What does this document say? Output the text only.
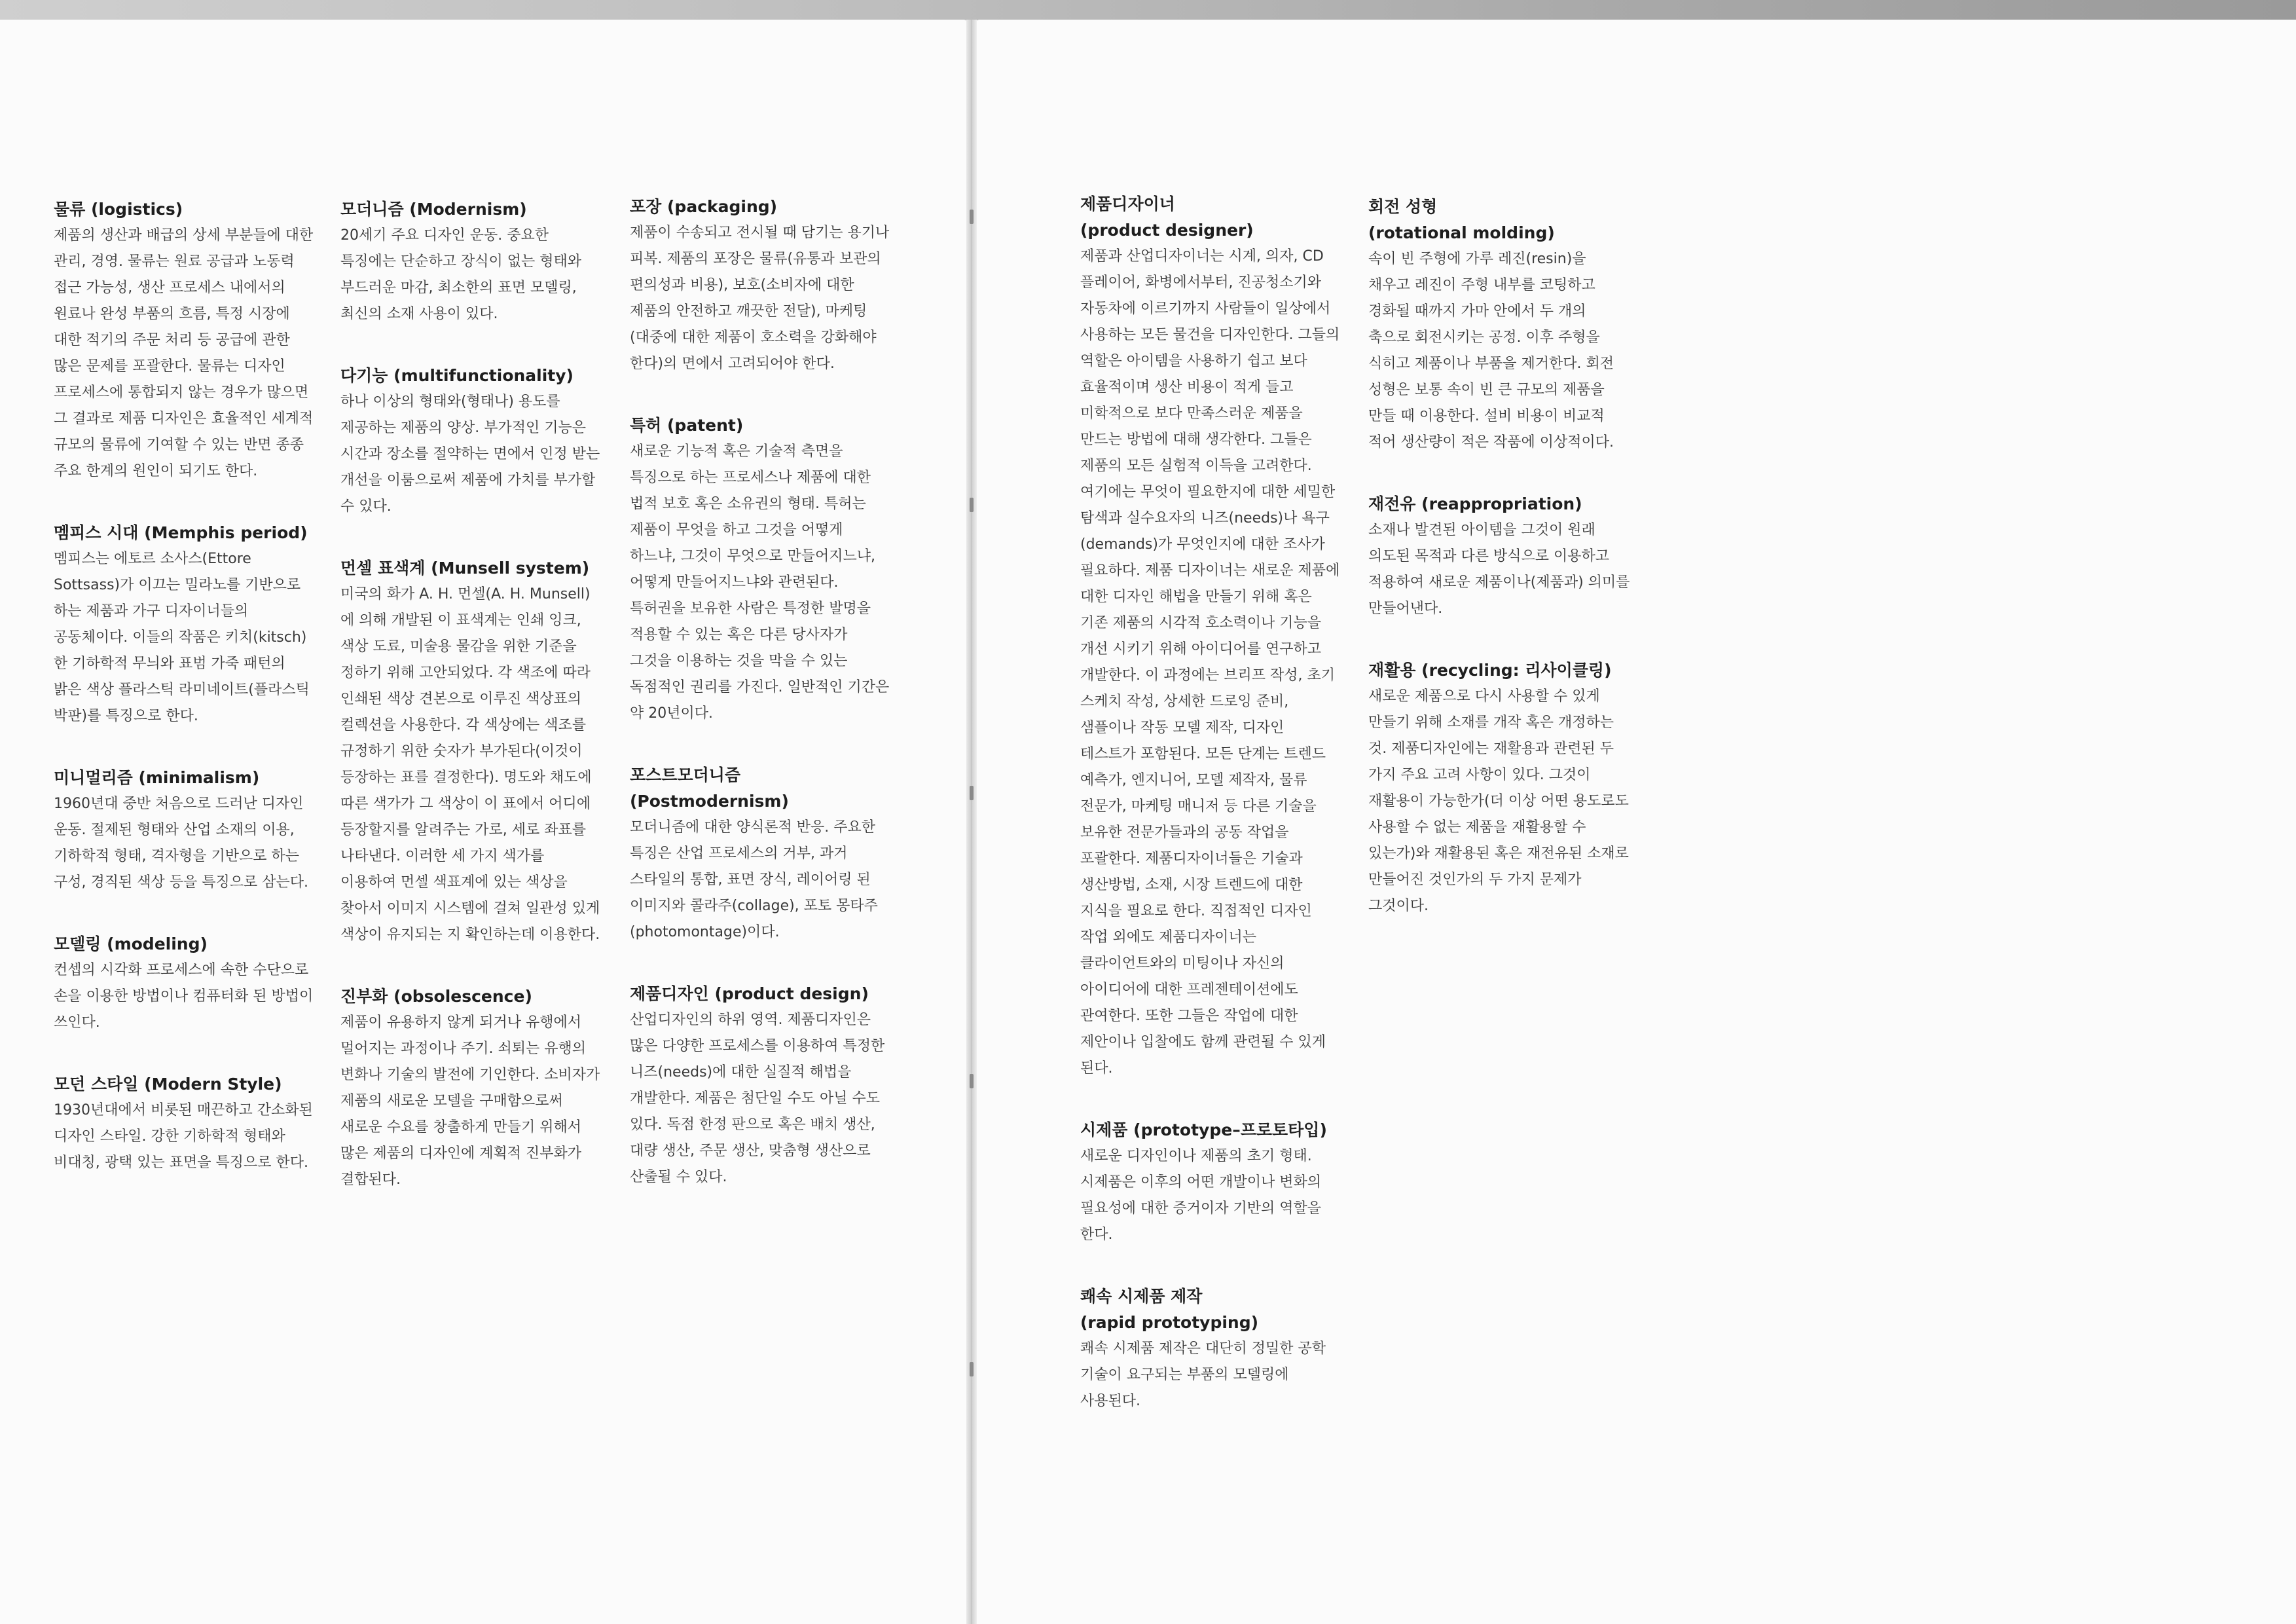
물류 (logistics)

제품의 생산과 배급의 상세 부분들에 대한 관리, 경영. 물류는 원료 공급과 노동력 접근 가능성, 생산 프로세스 내에서의 원료나 완성 부품의 흐름, 특정 시장에 대한 적기의 주문 처리 등 공급에 관한 많은 문제를 포괄한다. 물류는 디자인 프로세스에 통합되지 않는 경우가 많으면 그 결과로 제품 디자인은 효율적인 세계적 규모의 물류에 기여할 수 있는 반면 종종 주요 한계의 원인이 되기도 한다.

멤피스 시대 (Memphis period)

멤피스는 에토르 소사스(Ettore Sottsass)가 이끄는 밀라노를 기반으로 하는 제품과 가구 디자이너들의 공동체이다. 이들의 작품은 키치(kitsch)한 기하학적 무늬와 표범 가죽 패턴의 밝은 색상 플라스틱 라미네이트(플라스틱 박판)를 특징으로 한다.

미니멀리즘 (minimalism)

1960년대 중반 처음으로 드러난 디자인 운동. 절제된 형태와 산업 소재의 이용, 기하학적 형태, 격자형을 기반으로 하는 구성, 경직된 색상 등을 특징으로 삼는다.

모델링 (modeling)

컨셉의 시각화 프로세스에 속한 수단으로 손을 이용한 방법이나 컴퓨터화 된 방법이 쓰인다.

모던 스타일 (Modern Style)

1930년대에서 비롯된 매끈하고 간소화된 디자인 스타일. 강한 기하학적 형태와 비대칭, 광택 있는 표면을 특징으로 한다.

모더니즘 (Modernism)

20세기 주요 디자인 운동. 중요한 특징에는 단순하고 장식이 없는 형태와 부드러운 마감, 최소한의 표면 모델링, 최신의 소재 사용이 있다.

다기능 (multifunctionality)

하나 이상의 형태와(형태나) 용도를 제공하는 제품의 양상. 부가적인 기능은 시간과 장소를 절약하는 면에서 인정 받는 개선을 이룸으로써 제품에 가치를 부가할 수 있다.

먼셀 표색계 (Munsell system)

미국의 화가 A. H. 먼셀(A. H. Munsell)에 의해 개발된 이 표색계는 인쇄 잉크, 색상 도료, 미술용 물감을 위한 기준을 정하기 위해 고안되었다. 각 색조에 따라 인쇄된 색상 견본으로 이루진 색상표의 컬렉션을 사용한다. 각 색상에는 색조를 규정하기 위한 숫자가 부가된다(이것이 등장하는 표를 결정한다). 명도와 채도에 따른 색가가 그 색상이 이 표에서 어디에 등장할지를 알려주는 가로, 세로 좌표를 나타낸다. 이러한 세 가지 색가를 이용하여 먼셀 색표계에 있는 색상을 찾아서 이미지 시스템에 걸쳐 일관성 있게 색상이 유지되는 지 확인하는데 이용한다.

진부화 (obsolescence)

제품이 유용하지 않게 되거나 유행에서 멀어지는 과정이나 주기. 쇠퇴는 유행의 변화나 기술의 발전에 기인한다. 소비자가 제품의 새로운 모델을 구매함으로써 새로운 수요를 창출하게 만들기 위해서 많은 제품의 디자인에 계획적 진부화가 결합된다.

포장 (packaging)

제품이 수송되고 전시될 때 담기는 용기나 피복. 제품의 포장은 물류(유통과 보관의 편의성과 비용), 보호(소비자에 대한 제품의 안전하고 깨끗한 전달), 마케팅(대중에 대한 제품이 호소력을 강화해야 한다)의 면에서 고려되어야 한다.

특허 (patent)

새로운 기능적 혹은 기술적 측면을 특징으로 하는 프로세스나 제품에 대한 법적 보호 혹은 소유권의 형태. 특허는 제품이 무엇을 하고 그것을 어떻게 하느냐, 그것이 무엇으로 만들어지느냐, 어떻게 만들어지느냐와 관련된다. 특허권을 보유한 사람은 특정한 발명을 적용할 수 있는 혹은 다른 당사자가 그것을 이용하는 것을 막을 수 있는 독점적인 권리를 가진다. 일반적인 기간은 약 20년이다.

포스트모더니즘
(Postmodernism)

모더니즘에 대한 양식론적 반응. 주요한 특징은 산업 프로세스의 거부, 과거 스타일의 통합, 표면 장식, 레이어링 된 이미지와 콜라주(collage), 포토 몽타주(photomontage)이다.

제품디자인 (product design)

산업디자인의 하위 영역. 제품디자인은 많은 다양한 프로세스를 이용하여 특정한 니즈(needs)에 대한 실질적 해법을 개발한다. 제품은 첨단일 수도 아닐 수도 있다. 독점 한정 판으로 혹은 배치 생산, 대량 생산, 주문 생산, 맞춤형 생산으로 산출될 수 있다.

제품디자이너
(product designer)

제품과 산업디자이너는 시계, 의자, CD 플레이어, 화병에서부터, 진공청소기와 자동차에 이르기까지 사람들이 일상에서 사용하는 모든 물건을 디자인한다. 그들의 역할은 아이템을 사용하기 쉽고 보다 효율적이며 생산 비용이 적게 들고 미학적으로 보다 만족스러운 제품을 만드는 방법에 대해 생각한다. 그들은 제품의 모든 실험적 이득을 고려한다. 여기에는 무엇이 필요한지에 대한 세밀한 탐색과 실수요자의 니즈(needs)나 욕구(demands)가 무엇인지에 대한 조사가 필요하다. 제품 디자이너는 새로운 제품에 대한 디자인 해법을 만들기 위해 혹은 기존 제품의 시각적 호소력이나 기능을 개선 시키기 위해 아이디어를 연구하고 개발한다. 이 과정에는 브리프 작성, 초기 스케치 작성, 상세한 드로잉 준비, 샘플이나 작동 모델 제작, 디자인 테스트가 포함된다. 모든 단계는 트렌드 예측가, 엔지니어, 모델 제작자, 물류 전문가, 마케팅 매니저 등 다른 기술을 보유한 전문가들과의 공동 작업을 포괄한다. 제품디자이너들은 기술과 생산방법, 소재, 시장 트렌드에 대한 지식을 필요로 한다. 직접적인 디자인 작업 외에도 제품디자이너는 클라이언트와의 미팅이나 자신의 아이디어에 대한 프레젠테이션에도 관여한다. 또한 그들은 작업에 대한 제안이나 입찰에도 함께 관련될 수 있게 된다.

시제품 (prototype–프로토타입)

새로운 디자인이나 제품의 초기 형태. 시제품은 이후의 어떤 개발이나 변화의 필요성에 대한 증거이자 기반의 역할을 한다.

쾌속 시제품 제작
(rapid prototyping)

쾌속 시제품 제작은 대단히 정밀한 공학 기술이 요구되는 부품의 모델링에 사용된다.

회전 성형
(rotational molding)

속이 빈 주형에 가루 레진(resin)을 채우고 레진이 주형 내부를 코팅하고 경화될 때까지 가마 안에서 두 개의 축으로 회전시키는 공정. 이후 주형을 식히고 제품이나 부품을 제거한다. 회전 성형은 보통 속이 빈 큰 규모의 제품을 만들 때 이용한다. 설비 비용이 비교적 적어 생산량이 적은 작품에 이상적이다.

재전유 (reappropriation)

소재나 발견된 아이템을 그것이 원래 의도된 목적과 다른 방식으로 이용하고 적용하여 새로운 제품이나(제품과) 의미를 만들어낸다.

재활용 (recycling: 리사이클링)

새로운 제품으로 다시 사용할 수 있게 만들기 위해 소재를 개작 혹은 개정하는 것. 제품디자인에는 재활용과 관련된 두 가지 주요 고려 사항이 있다. 그것이 재활용이 가능한가(더 이상 어떤 용도로도 사용할 수 없는 제품을 재활용할 수 있는가)와 재활용된 혹은 재전유된 소재로 만들어진 것인가의 두 가지 문제가 그것이다.
